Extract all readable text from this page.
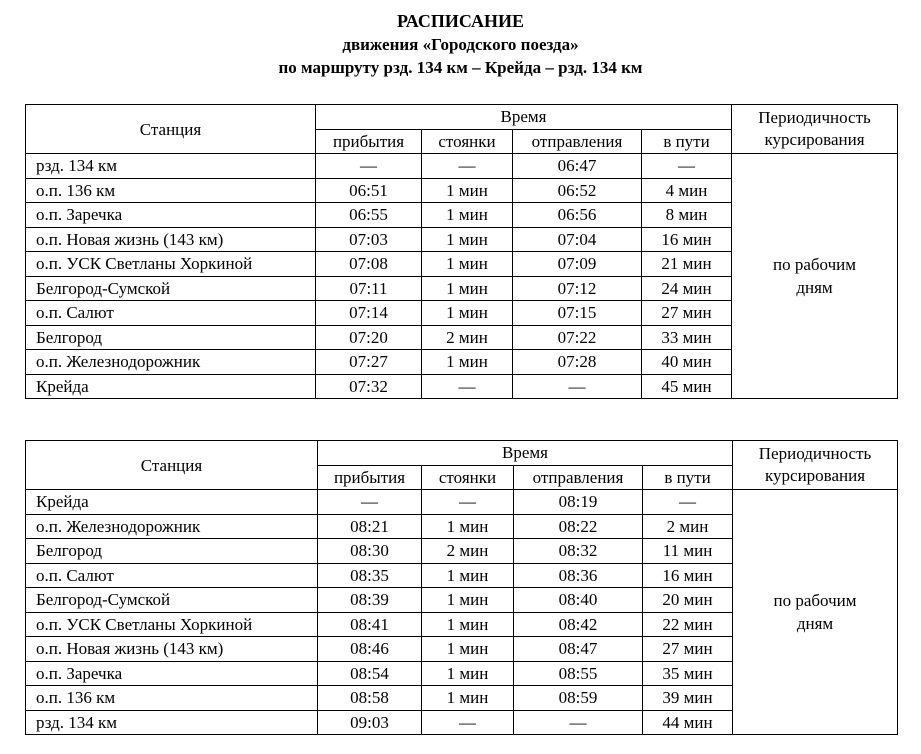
РАСПИСАНИЕ
движения «Городского поезда»
по маршруту рзд. 134 км – Крейда – рзд. 134 км
Станция	Время				Периодичность
курсирования
	прибытия	стоянки	отправления	в пути	
рзд. 134 км	—	—	06:47	—	по рабочим
дням
о.п. 136 км	06:51	1 мин	06:52	4 мин	
о.п. Заречка	06:55	1 мин	06:56	8 мин	
о.п. Новая жизнь (143 км)	07:03	1 мин	07:04	16 мин	
о.п. УСК Светланы Хоркиной	07:08	1 мин	07:09	21 мин	
Белгород-Сумской	07:11	1 мин	07:12	24 мин	
о.п. Салют	07:14	1 мин	07:15	27 мин	
Белгород	07:20	2 мин	07:22	33 мин	
о.п. Железнодорожник	07:27	1 мин	07:28	40 мин	
Крейда	07:32	—	—	45 мин	
Станция	Время				Периодичность
курсирования
	прибытия	стоянки	отправления	в пути	
Крейда	—	—	08:19	—	по рабочим
дням
о.п. Железнодорожник	08:21	1 мин	08:22	2 мин	
Белгород	08:30	2 мин	08:32	11 мин	
о.п. Салют	08:35	1 мин	08:36	16 мин	
Белгород-Сумской	08:39	1 мин	08:40	20 мин	
о.п. УСК Светланы Хоркиной	08:41	1 мин	08:42	22 мин	
о.п. Новая жизнь (143 км)	08:46	1 мин	08:47	27 мин	
о.п. Заречка	08:54	1 мин	08:55	35 мин	
о.п. 136 км	08:58	1 мин	08:59	39 мин	
рзд. 134 км	09:03	—	—	44 мин	
